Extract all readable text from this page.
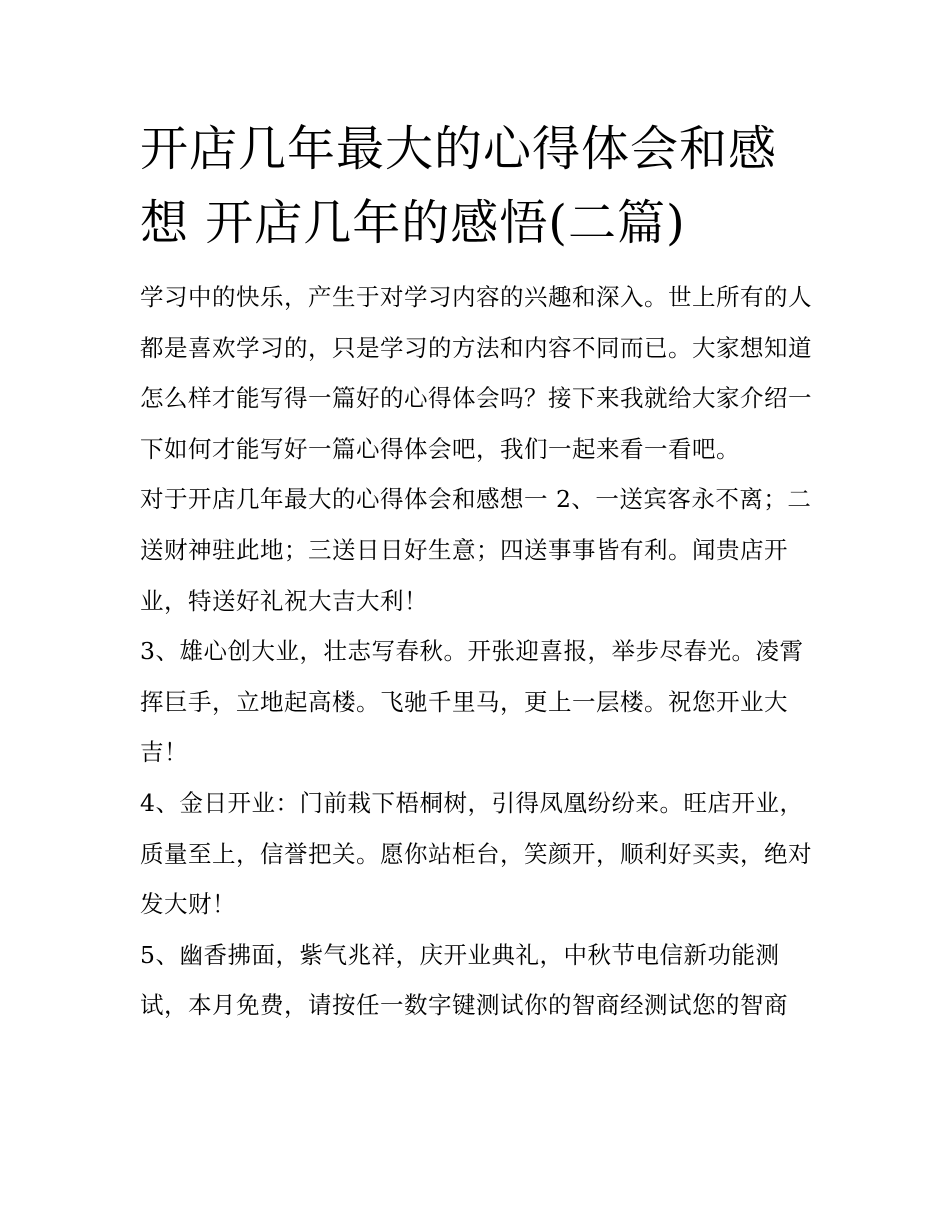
开店几年最大的心得体会和感想 开店几年的感悟(二篇)

学习中的快乐，产生于对学习内容的兴趣和深入。世上所有的人都是喜欢学习的，只是学习的方法和内容不同而已。大家想知道怎么样才能写得一篇好的心得体会吗？接下来我就给大家介绍一下如何才能写好一篇心得体会吧，我们一起来看一看吧。

对于开店几年最大的心得体会和感想一 2、一送宾客永不离；二送财神驻此地；三送日日好生意；四送事事皆有利。闻贵店开业，特送好礼祝大吉大利！

3、雄心创大业，壮志写春秋。开张迎喜报，举步尽春光。凌霄挥巨手，立地起高楼。飞驰千里马，更上一层楼。祝您开业大吉！

4、金日开业：门前栽下梧桐树，引得凤凰纷纷来。旺店开业，质量至上，信誉把关。愿你站柜台，笑颜开，顺利好买卖，绝对发大财！

5、幽香拂面，紫气兆祥，庆开业典礼，中秋节电信新功能测试，本月免费，请按任一数字键测试你的智商经测试您的智商
